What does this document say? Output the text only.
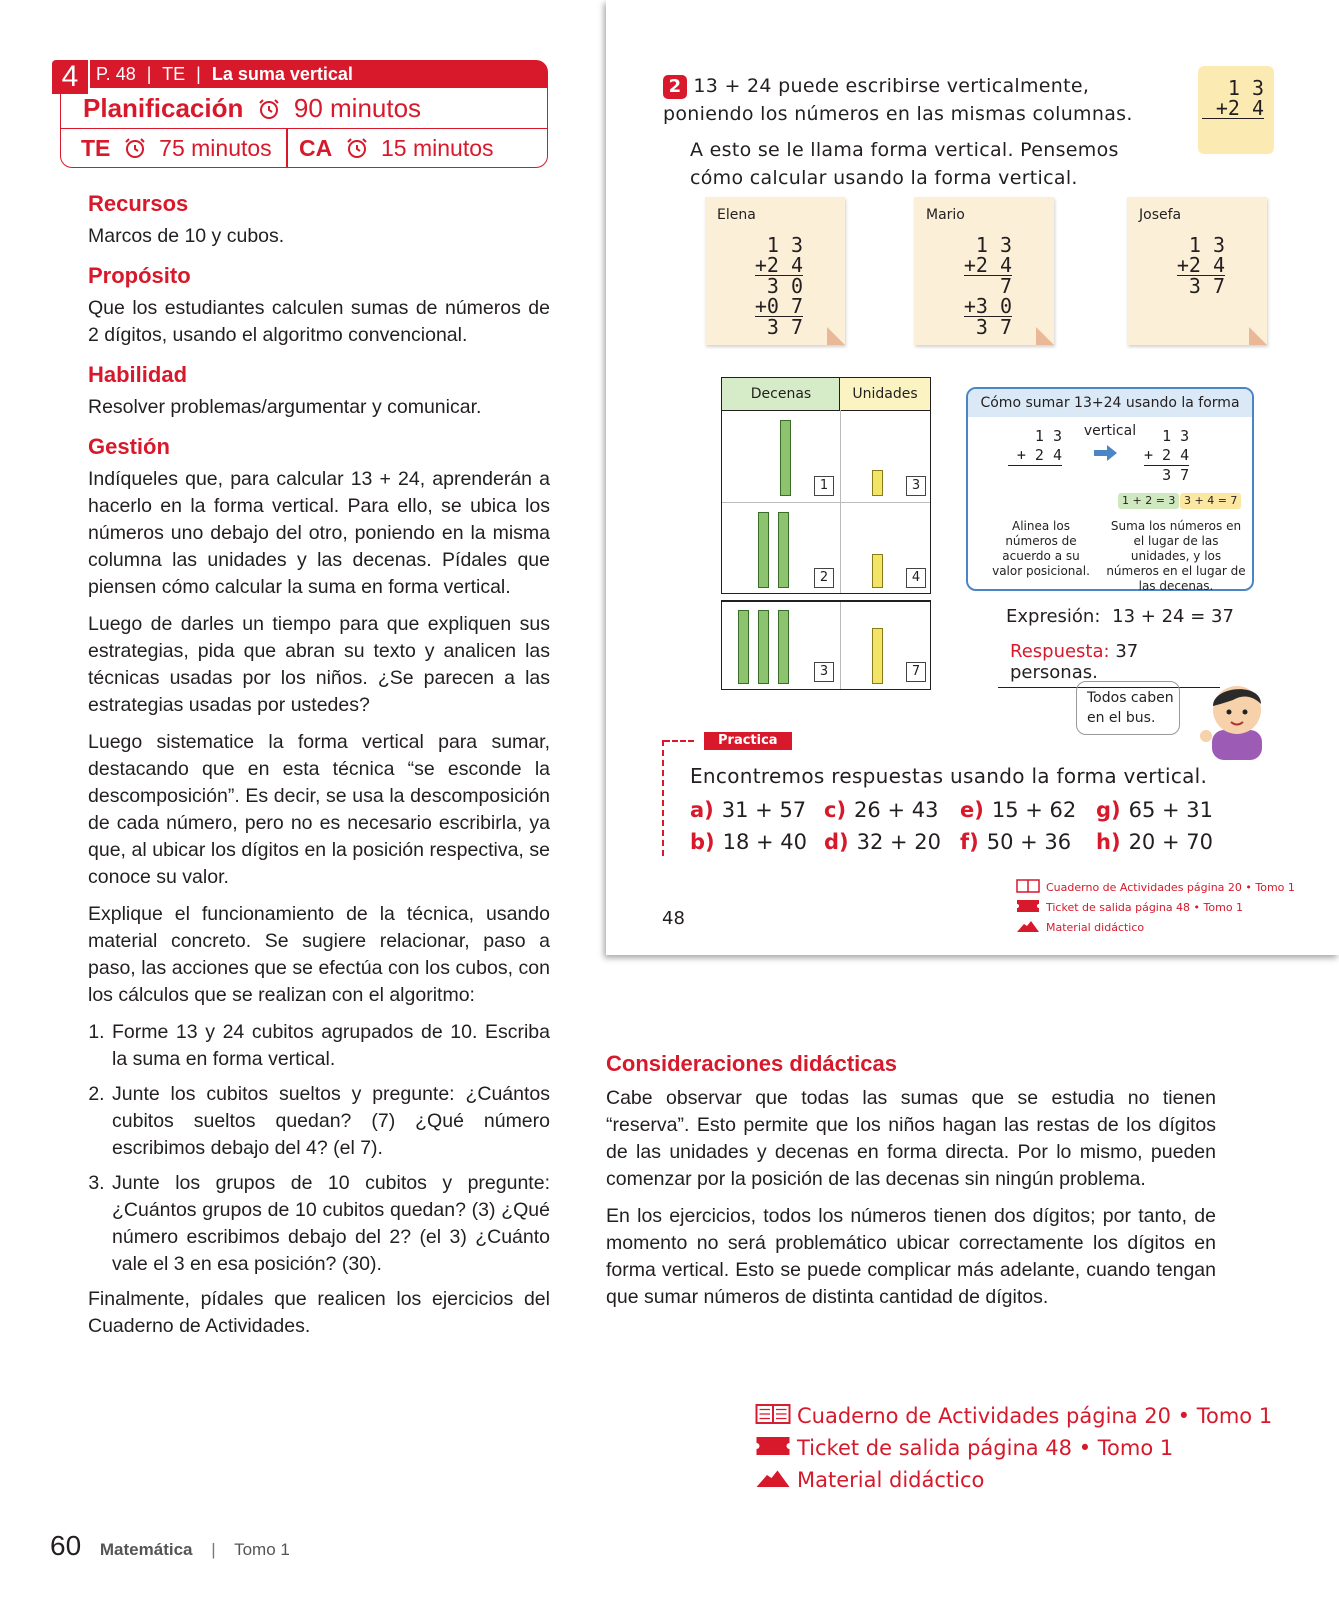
4 P. 48 | TE | La suma vertical
Planificación 90 minutos
TE 75 minutos CA 15 minutos
Recursos

Marcos de 10 y cubos.

Propósito

Que los estudiantes calculen sumas de números de 2 dígitos, usando el algoritmo convencional.

Habilidad

Resolver problemas/argumentar y comunicar.

Gestión

Indíqueles que, para calcular 13 + 24, aprenderán a hacerlo en la forma vertical. Para ello, se ubica los números uno debajo del otro, poniendo en la misma columna las unidades y las decenas. Pídales que piensen cómo calcular la suma en forma vertical.

Luego de darles un tiempo para que expliquen sus estrategias, pida que abran su texto y analicen las técnicas usadas por los niños. ¿Se parecen a las estrategias usadas por ustedes?

Luego sistematice la forma vertical para sumar, destacando que en esta técnica “se esconde la descomposición”. Es decir, se usa la descomposición de cada número, pero no es necesario escribirla, ya que, al ubicar los dígitos en la posición respectiva, se conoce su valor.

Explique el funcionamiento de la técnica, usando material concreto. Se sugiere relacionar, paso a paso, las acciones que se efectúa con los cubos, con los cálculos que se realizan con el algoritmo:

1. Forme 13 y 24 cubitos agrupados de 10. Escriba la suma en forma vertical.
2. Junte los cubitos sueltos y pregunte: ¿Cuántos cubitos sueltos quedan? (7) ¿Qué número escribimos debajo del 4? (el 7).
3. Junte los grupos de 10 cubitos y pregunte: ¿Cuántos grupos de 10 cubitos quedan? (3) ¿Qué número escribimos debajo del 2? (el 3) ¿Cuánto vale el 3 en esa posición? (30).

Finalmente, pídales que realicen los ejercicios del Cuaderno de Actividades.

2 13 + 24 puede escribirse verticalmente, poniendo los números en las mismas columnas.
A esto se le llama forma vertical. Pensemos cómo calcular usando la forma vertical.
1 3
+2 4
Elena
1 3
+2 4
3 0
+0 7
3 7
Mario
1 3
+2 4
7
+3 0
3 7
Josefa
1 3
+2 4
3 7
Decenas	Unidades
1	3
2	4
3	7
Cómo sumar 13+24 usando la forma vertical
1 3
+ 2 4
1 3
+ 2 4
3 7
1 + 2 = 3 3 + 4 = 7
Alinea los números de acuerdo a su valor posicional.
Suma los números en el lugar de las unidades, y los números en el lugar de las decenas.
Expresión: 13 + 24 = 37
Respuesta: 37 personas.
Todos caben en el bus.
Practica
Encontremos respuestas usando la forma vertical.
a) 31 + 57 c) 26 + 43 e) 15 + 62 g) 65 + 31
b) 18 + 40 d) 32 + 20 f) 50 + 36 h) 20 + 70
48
Cuaderno de Actividades página 20 • Tomo 1
Ticket de salida página 48 • Tomo 1
Material didáctico
Consideraciones didácticas

Cabe observar que todas las sumas que se estudia no tienen “reserva”. Esto permite que los niños hagan las restas de los dígitos de las unidades y decenas en forma directa. Por lo mismo, pueden comenzar por la posición de las decenas sin ningún problema.

En los ejercicios, todos los números tienen dos dígitos; por tanto, de momento no será problemático ubicar correctamente los dígitos en forma vertical. Esto se puede complicar más adelante, cuando tengan que sumar números de distinta cantidad de dígitos.

Cuaderno de Actividades página 20 • Tomo 1
Ticket de salida página 48 • Tomo 1
Material didáctico
60 Matemática | Tomo 1
